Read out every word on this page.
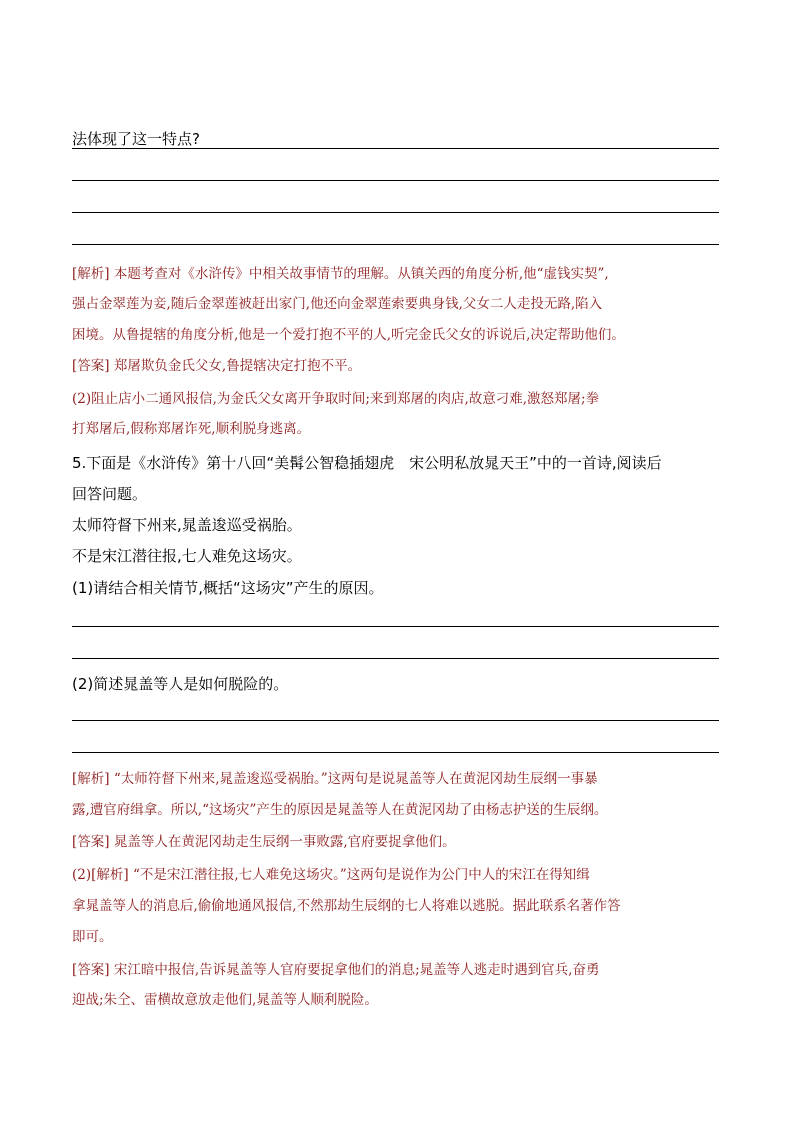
法体现了这一特点?
[解析] 本题考查对《水浒传》中相关故事情节的理解。从镇关西的角度分析,他“虚钱实契”,
强占金翠莲为妾,随后金翠莲被赶出家门,他还向金翠莲索要典身钱,父女二人走投无路,陷入
困境。从鲁提辖的角度分析,他是一个爱打抱不平的人,听完金氏父女的诉说后,决定帮助他们。
[答案] 郑屠欺负金氏父女,鲁提辖决定打抱不平。
(2)阻止店小二通风报信,为金氏父女离开争取时间;来到郑屠的肉店,故意刁难,激怒郑屠;拳
打郑屠后,假称郑屠诈死,顺利脱身逃离。
5.下面是《水浒传》第十八回“美髯公智稳插翅虎　宋公明私放晁天王”中的一首诗,阅读后
回答问题。
太师符督下州来,晁盖逡巡受祸胎。
不是宋江潜往报,七人难免这场灾。
(1)请结合相关情节,概括“这场灾”产生的原因。
(2)简述晁盖等人是如何脱险的。
[解析] “太师符督下州来,晁盖逡巡受祸胎。”这两句是说晁盖等人在黄泥冈劫生辰纲一事暴
露,遭官府缉拿。所以,“这场灾”产生的原因是晁盖等人在黄泥冈劫了由杨志护送的生辰纲。
[答案] 晁盖等人在黄泥冈劫走生辰纲一事败露,官府要捉拿他们。
(2)[解析] “不是宋江潜往报,七人难免这场灾。”这两句是说作为公门中人的宋江在得知缉
拿晁盖等人的消息后,偷偷地通风报信,不然那劫生辰纲的七人将难以逃脱。据此联系名著作答
即可。
[答案] 宋江暗中报信,告诉晁盖等人官府要捉拿他们的消息;晁盖等人逃走时遇到官兵,奋勇
迎战;朱仝、雷横故意放走他们,晁盖等人顺利脱险。
